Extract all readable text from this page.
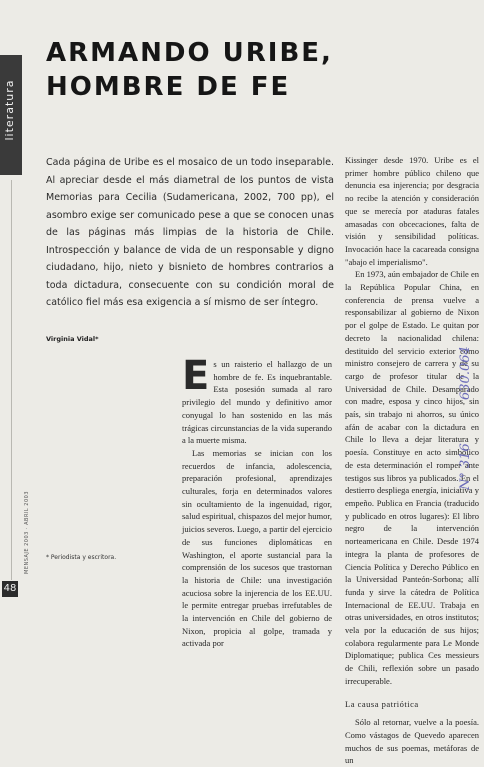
literatura
MENSAJE 2003 · ABRIL 2003
48
ARMANDO URIBE,
HOMBRE DE FE
Cada página de Uribe es el mosaico de un todo inseparable. Al apreciar desde el más diametral de los puntos de vista Memorias para Cecilia (Sudamericana, 2002, 700 pp), el asombro exige ser comunicado pese a que se conocen unas de las páginas más limpias de la historia de Chile. Introspección y balance de vida de un responsable y digno ciudadano, hijo, nieto y bisnieto de hombres contrarios a toda dictadura, consecuente con su condición moral de católico fiel más esa exigencia a sí mismo de ser íntegro.
Virginia Vidal*
* Periodista y escritora.

Es un raisterio el hallazgo de un hombre de fe. Es inquebrantable. Esta posesión sumada al raro privilegio del mundo y definitivo amor conyugal lo han sostenido en las más trágicas circunstancias de la vida superando a la muerte misma.

Las memorias se inician con los recuerdos de infancia, adolescencia, preparación profesional, aprendizajes culturales, forja en determinados valores sin ocultamiento de la ingenuidad, rigor, salud espiritual, chispazos del mejor humor, juicios severos. Luego, a partir del ejercicio de sus funciones diplomáticas en Washington, el aporte sustancial para la comprensión de los sucesos que trastornan la historia de Chile: una investigación acuciosa sobre la injerencia de los EE.UU. le permite entregar pruebas irrefutables de la intervención en Chile del gobierno de Nixon, propicia al golpe, tramada y activada por

Kissinger desde 1970. Uribe es el primer hombre público chileno que denuncia esa injerencia; por desgracia no recibe la atención y consideración que se merecía por ataduras fatales amasadas con obcecaciones, falta de visión y sensibilidad políticas. Invocación hace la cacareada consigna "abajo el imperialismo".

En 1973, aún embajador de Chile en la República Popular China, en conferencia de prensa vuelve a responsabilizar al gobierno de Nixon por el golpe de Estado. Le quitan por decreto la nacionalidad chilena: destituido del servicio exterior como ministro consejero de carrera y de su cargo de profesor titular de la Universidad de Chile. Desamparado con madre, esposa y cinco hijos, sin país, sin trabajo ni ahorros, su único afán de acabar con la dictadura en Chile lo lleva a dejar literatura y poesía. Constituye en acto simbólico de esta determinación el romper ante testigos sus libros ya publicados. En el destierro despliega energía, iniciativa y empeño. Publica en Francia (traducido y publicado en otros lugares): El libro negro de la intervención norteamericana en Chile. Desde 1974 integra la planta de profesores de Ciencia Política y Derecho Público en la Universidad Panteón-Sorbona; allí funda y sirve la cátedra de Política Internacional de EE.UU. Trabaja en otras universidades, en otros institutos; vela por la educación de sus hijos; colabora regularmente para Le Monde Diplomatique; publica Ces messieurs de Chili, reflexión sobre un pasado irrecuperable.

La causa patriótica

Sólo al retornar, vuelve a la poesía. Como vástagos de Quevedo aparecen muchos de sus poemas, metáforas de un

630.064
N° 316
